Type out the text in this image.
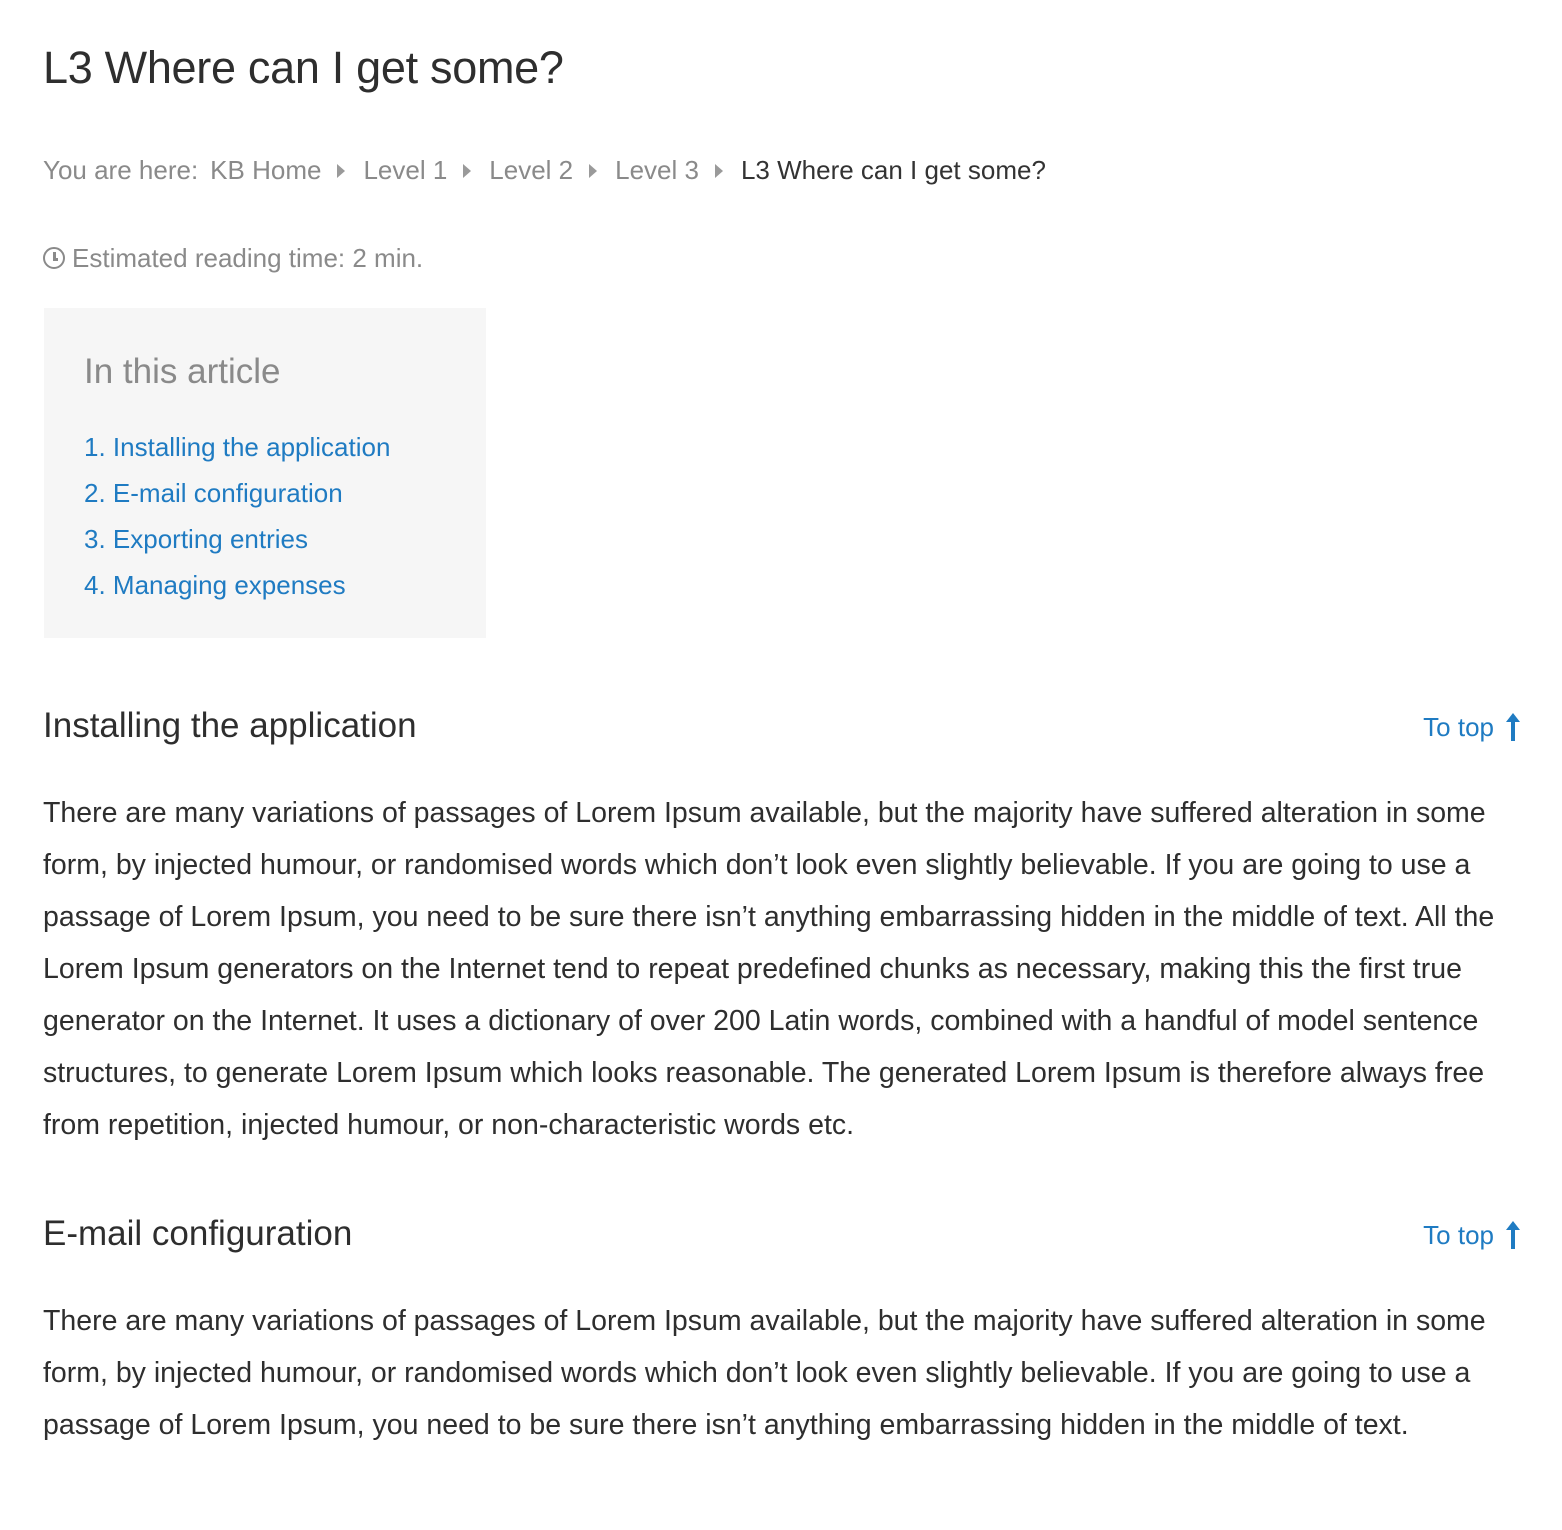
L3 Where can I get some?
You are here: KB Home Level 1 Level 2 Level 3 L3 Where can I get some?
Estimated reading time: 2 min.
In this article
1. Installing the application
2. E-mail configuration
3. Exporting entries
4. Managing expenses
Installing the application	To top

There are many variations of passages of Lorem Ipsum available, but the majority have suffered alteration in some form, by injected humour, or randomised words which don’t look even slightly believable. If you are going to use a passage of Lorem Ipsum, you need to be sure there isn’t anything embarrassing hidden in the middle of text. All the Lorem Ipsum generators on the Internet tend to repeat predefined chunks as necessary, making this the first true generator on the Internet. It uses a dictionary of over 200 Latin words, combined with a handful of model sentence structures, to generate Lorem Ipsum which looks reasonable. The generated Lorem Ipsum is therefore always free from repetition, injected humour, or non-characteristic words etc.

E-mail configuration	To top

There are many variations of passages of Lorem Ipsum available, but the majority have suffered alteration in some form, by injected humour, or randomised words which don’t look even slightly believable. If you are going to use a passage of Lorem Ipsum, you need to be sure there isn’t anything embarrassing hidden in the middle of text.
